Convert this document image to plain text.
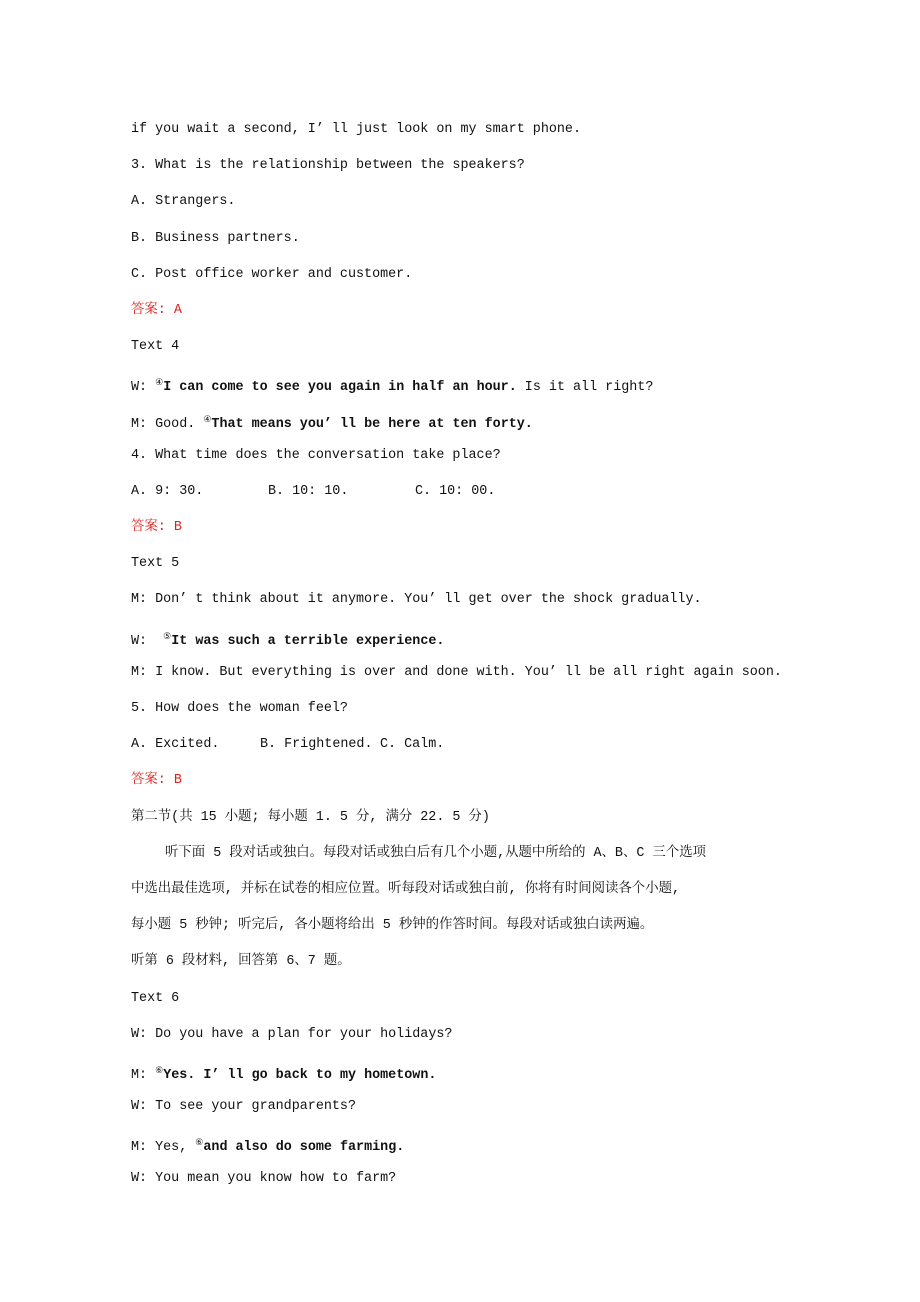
if you wait a second, I’ ll just look on my smart phone.
3. What is the relationship between the speakers?
A. Strangers.
B. Business partners.
C. Post office worker and customer.
答案: A
Text 4
W: ④I can come to see you again in half an hour. Is it all right?
M: Good. ④That means you’ ll be here at ten forty.
4. What time does the conversation take place?
A. 9: 30.	B. 10: 10.	C. 10: 00.
答案: B
Text 5
M: Don’ t think about it anymore. You’ ll get over the shock gradually.
W:  ⑤It was such a terrible experience.
M: I know. But everything is over and done with. You’ ll be all right again soon.
5. How does the woman feel?
A. Excited.	B. Frightened. C. Calm.
答案: B
第二节(共 15 小题; 每小题 1. 5 分, 满分 22. 5 分)
听下面 5 段对话或独白。每段对话或独白后有几个小题,从题中所给的 A、B、C 三个选项
中选出最佳选项, 并标在试卷的相应位置。听每段对话或独白前, 你将有时间阅读各个小题,
每小题 5 秒钟; 听完后, 各小题将给出 5 秒钟的作答时间。每段对话或独白读两遍。
听第 6 段材料, 回答第 6、7 题。
Text 6
W: Do you have a plan for your holidays?
M: ⑥Yes. I’ ll go back to my hometown.
W: To see your grandparents?
M: Yes, ⑥and also do some farming.
W: You mean you know how to farm?
